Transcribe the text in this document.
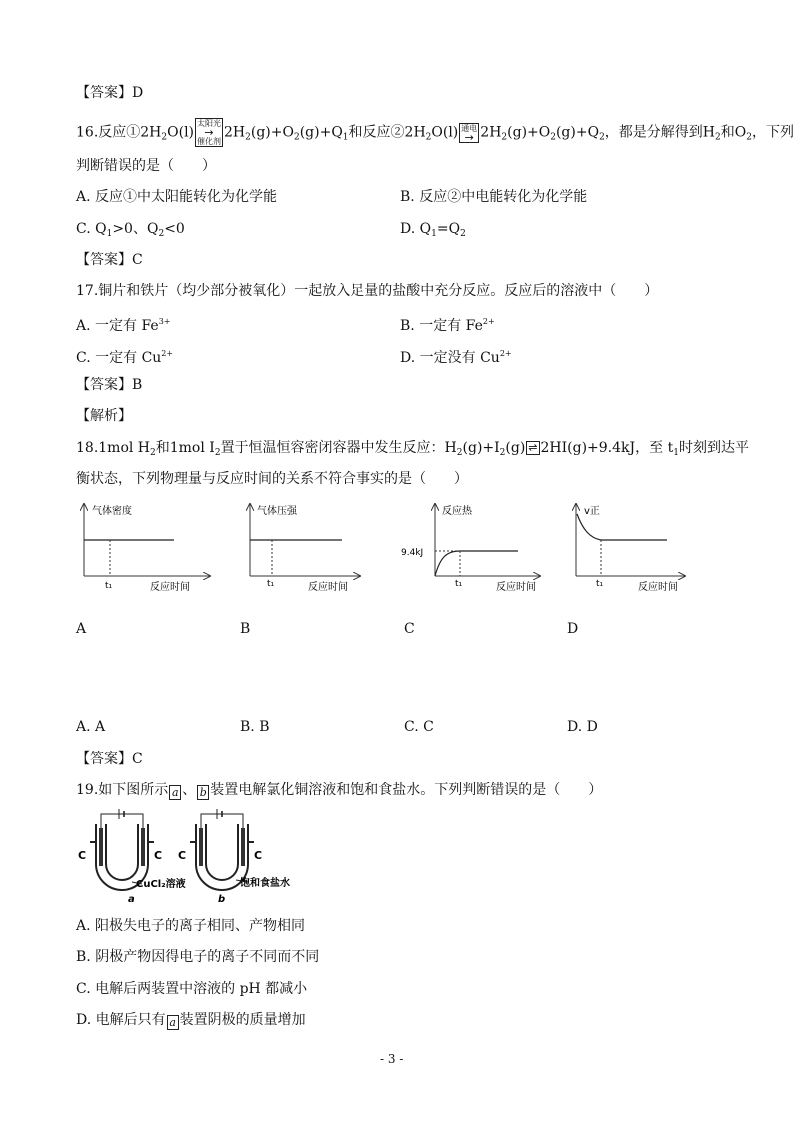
【答案】D
16.反应$①2H_2O(l)$太阳光
→
催化剂$2H_2(g)+O_2(g)+Q_1$和反应$②2H_2O(l)$ 通电
→ $2H_2(g)+O_2(g)+Q_2$，都是分解得到$H_2$和$O_2$，下列
判断错误的是（　　）
A. 反应①中太阳能转化为化学能	B. 反应②中电能转化为化学能
C. $Q_1>0$、$Q_2<0$	D. $Q_1=Q_2$
【答案】C
17.铜片和铁片（均少部分被氧化）一起放入足量的盐酸中充分反应。反应后的溶液中（　　）
A. 一定有 $Fe^{3+}$	B. 一定有 $Fe^{2+}$
C. 一定有 $Cu^{2+}$	D. 一定没有 $Cu^{2+}$
【答案】B
【解析】
18.1mol $H_2$和1mol $I_2$置于恒温恒容密闭容器中发生反应：$H_2(g)+I_2(g)$ ⇌ 2HI(g)+9.4kJ，至 $t_1$时刻到达平
衡状态，下列物理量与反应时间的关系不符合事实的是（　　）
气体密度
t₁	反应时间
气体压强
t₁	反应时间
反应热
9.4kJ
t₁	反应时间
v正
t₁	反应时间
A	B	C	D
A. A	B. B	C. C	D. D
【答案】C
19.如下图所示 a 、 b 装置电解氯化铜溶液和饱和食盐水。下列判断错误的是（　　）
C	C
a
CuCl₂溶液
C	C
b
饱和食盐水
A. 阳极失电子的离子相同、产物相同
B. 阴极产物因得电子的离子不同而不同
C. 电解后两装置中溶液的 pH 都减小
D. 电解后只有 a 装置阴极的质量增加
- 3 -
